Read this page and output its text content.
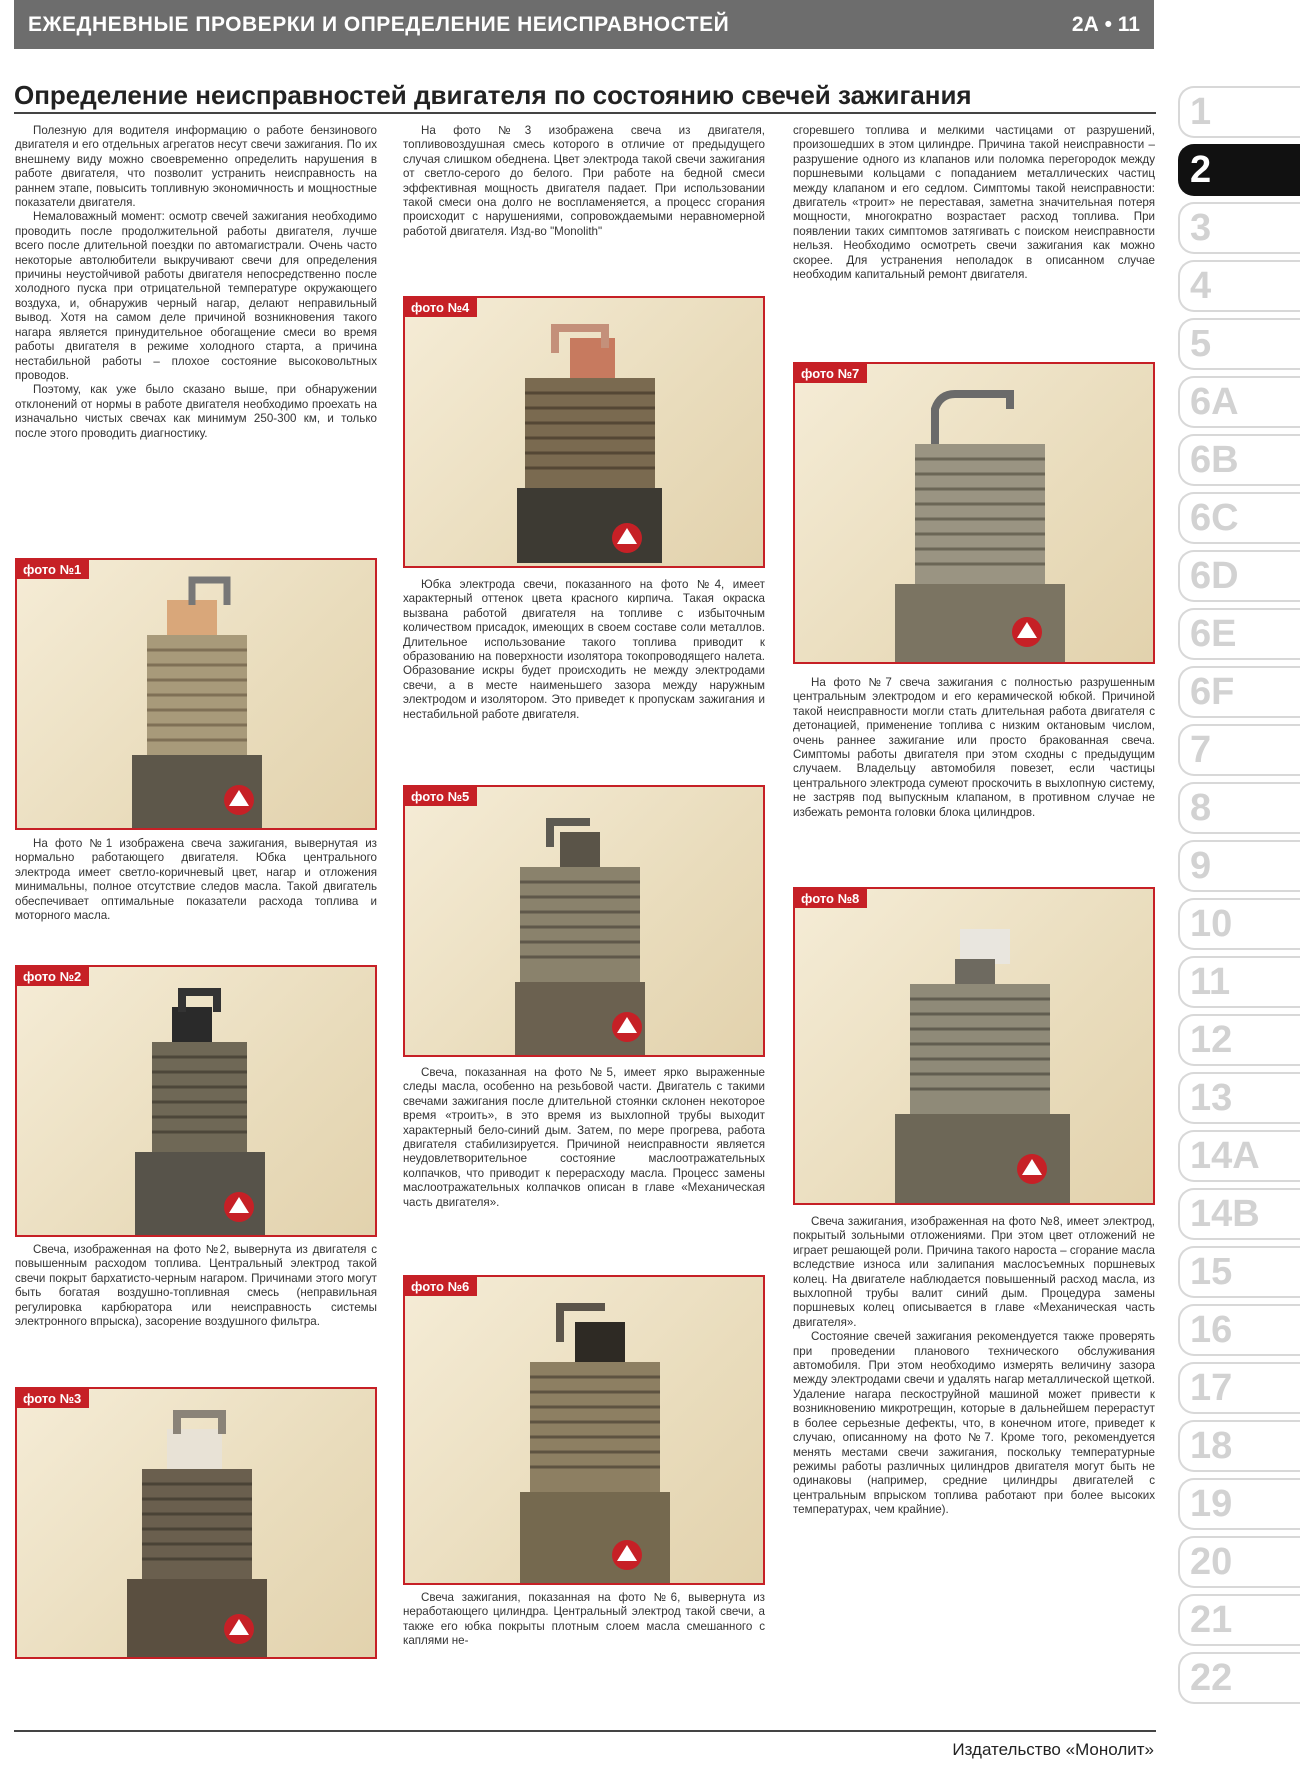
ЕЖЕДНЕВНЫЕ ПРОВЕРКИ И ОПРЕДЕЛЕНИЕ НЕИСПРАВНОСТЕЙ	2А • 11
Определение неисправностей двигателя по состоянию свечей зажигания

Полезную для водителя информацию о работе бензинового двигателя и его отдельных агрегатов несут свечи зажигания. По их внешнему виду можно своевременно определить нарушения в работе двигателя, что позволит устранить неисправность на раннем этапе, повысить топливную экономичность и мощностные показатели двигателя.

Немаловажный момент: осмотр свечей зажигания необходимо проводить после продолжительной работы двигателя, лучше всего после длительной поездки по автомагистрали. Очень часто некоторые автолюбители выкручивают свечи для определения причины неустойчивой работы двигателя непосредственно после холодного пуска при отрицательной температуре окружающего воздуха, и, обнаружив черный нагар, делают неправильный вывод. Хотя на самом деле причиной возникновения такого нагара является принудительное обогащение смеси во время работы двигателя в режиме холодного старта, а причина нестабильной работы – плохое состояние высоковольтных проводов.

Поэтому, как уже было сказано выше, при обнаружении отклонений от нормы в работе двигателя необходимо проехать на изначально чистых свечах как минимум 250-300 км, и только после этого проводить диагностику.

фото №1

На фото №1 изображена свеча зажигания, вывернутая из нормально работающего двигателя. Юбка центрального электрода имеет светло-коричневый цвет, нагар и отложения минимальны, полное отсутствие следов масла. Такой двигатель обеспечивает оптимальные показатели расхода топлива и моторного масла.

фото №2

Свеча, изображенная на фото №2, вывернута из двигателя с повышенным расходом топлива. Центральный электрод такой свечи покрыт бархатисто-черным нагаром. Причинами этого могут быть богатая воздушно-топливная смесь (неправильная регулировка карбюратора или неисправность системы электронного впрыска), засорение воздушного фильтра.

фото №3

На фото №3 изображена свеча из двигателя, топливовоздушная смесь которого в отличие от предыдущего случая слишком обеднена. Цвет электрода такой свечи зажигания от светло-серого до белого. При работе на бедной смеси эффективная мощность двигателя падает. При использовании такой смеси она долго не воспламеняется, а процесс сгорания происходит с нарушениями, сопровождаемыми неравномерной работой двигателя. Изд-во "Monolith"

фото №4

Юбка электрода свечи, показанного на фото №4, имеет характерный оттенок цвета красного кирпича. Такая окраска вызвана работой двигателя на топливе с избыточным количеством присадок, имеющих в своем составе соли металлов. Длительное использование такого топлива приводит к образованию на поверхности изолятора токопроводящего налета. Образование искры будет происходить не между электродами свечи, а в месте наименьшего зазора между наружным электродом и изолятором. Это приведет к пропускам зажигания и нестабильной работе двигателя.

фото №5

Свеча, показанная на фото №5, имеет ярко выраженные следы масла, особенно на резьбовой части. Двигатель с такими свечами зажигания после длительной стоянки склонен некоторое время «троить», в это время из выхлопной трубы выходит характерный бело-синий дым. Затем, по мере прогрева, работа двигателя стабилизируется. Причиной неисправности является неудовлетворительное состояние маслоотражательных колпачков, что приводит к перерасходу масла. Процесс замены маслоотражательных колпачков описан в главе «Механическая часть двигателя».

фото №6

Свеча зажигания, показанная на фото №6, вывернута из неработающего цилиндра. Центральный электрод такой свечи, а также его юбка покрыты плотным слоем масла смешанного с каплями не-

сгоревшего топлива и мелкими частицами от разрушений, произошедших в этом цилиндре. Причина такой неисправности – разрушение одного из клапанов или поломка перегородок между поршневыми кольцами с попаданием металлических частиц между клапаном и его седлом. Симптомы такой неисправности: двигатель «троит» не переставая, заметна значительная потеря мощности, многократно возрастает расход топлива. При появлении таких симптомов затягивать с поиском неисправности нельзя. Необходимо осмотреть свечи зажигания как можно скорее. Для устранения неполадок в описанном случае необходим капитальный ремонт двигателя.

фото №7

На фото №7 свеча зажигания с полностью разрушенным центральным электродом и его керамической юбкой. Причиной такой неисправности могли стать длительная работа двигателя с детонацией, применение топлива с низким октановым числом, очень раннее зажигание или просто бракованная свеча. Симптомы работы двигателя при этом сходны с предыдущим случаем. Владельцу автомобиля повезет, если частицы центрального электрода сумеют проскочить в выхлопную систему, не застряв под выпускным клапаном, в противном случае не избежать ремонта головки блока цилиндров.

фото №8

Свеча зажигания, изображенная на фото №8, имеет электрод, покрытый зольными отложениями. При этом цвет отложений не играет решающей роли. Причина такого нароста – сгорание масла вследствие износа или залипания маслосъемных поршневых колец. На двигателе наблюдается повышенный расход масла, из выхлопной трубы валит синий дым. Процедура замены поршневых колец описывается в главе «Механическая часть двигателя».

Состояние свечей зажигания рекомендуется также проверять при проведении планового технического обслуживания автомобиля. При этом необходимо измерять величину зазора между электродами свечи и удалять нагар металлической щеткой. Удаление нагара пескоструйной машиной может привести к возникновению микротрещин, которые в дальнейшем перерастут в более серьезные дефекты, что, в конечном итоге, приведет к случаю, описанному на фото №7. Кроме того, рекомендуется менять местами свечи зажигания, поскольку температурные режимы работы различных цилиндров двигателя могут быть не одинаковы (например, средние цилиндры двигателей с центральным впрыском топлива работают при более высоких температурах, чем крайние).

1
2
3
4
5
6A
6B
6C
6D
6E
6F
7
8
9
10
11
12
13
14A
14B
15
16
17
18
19
20
21
22
Издательство «Монолит»
